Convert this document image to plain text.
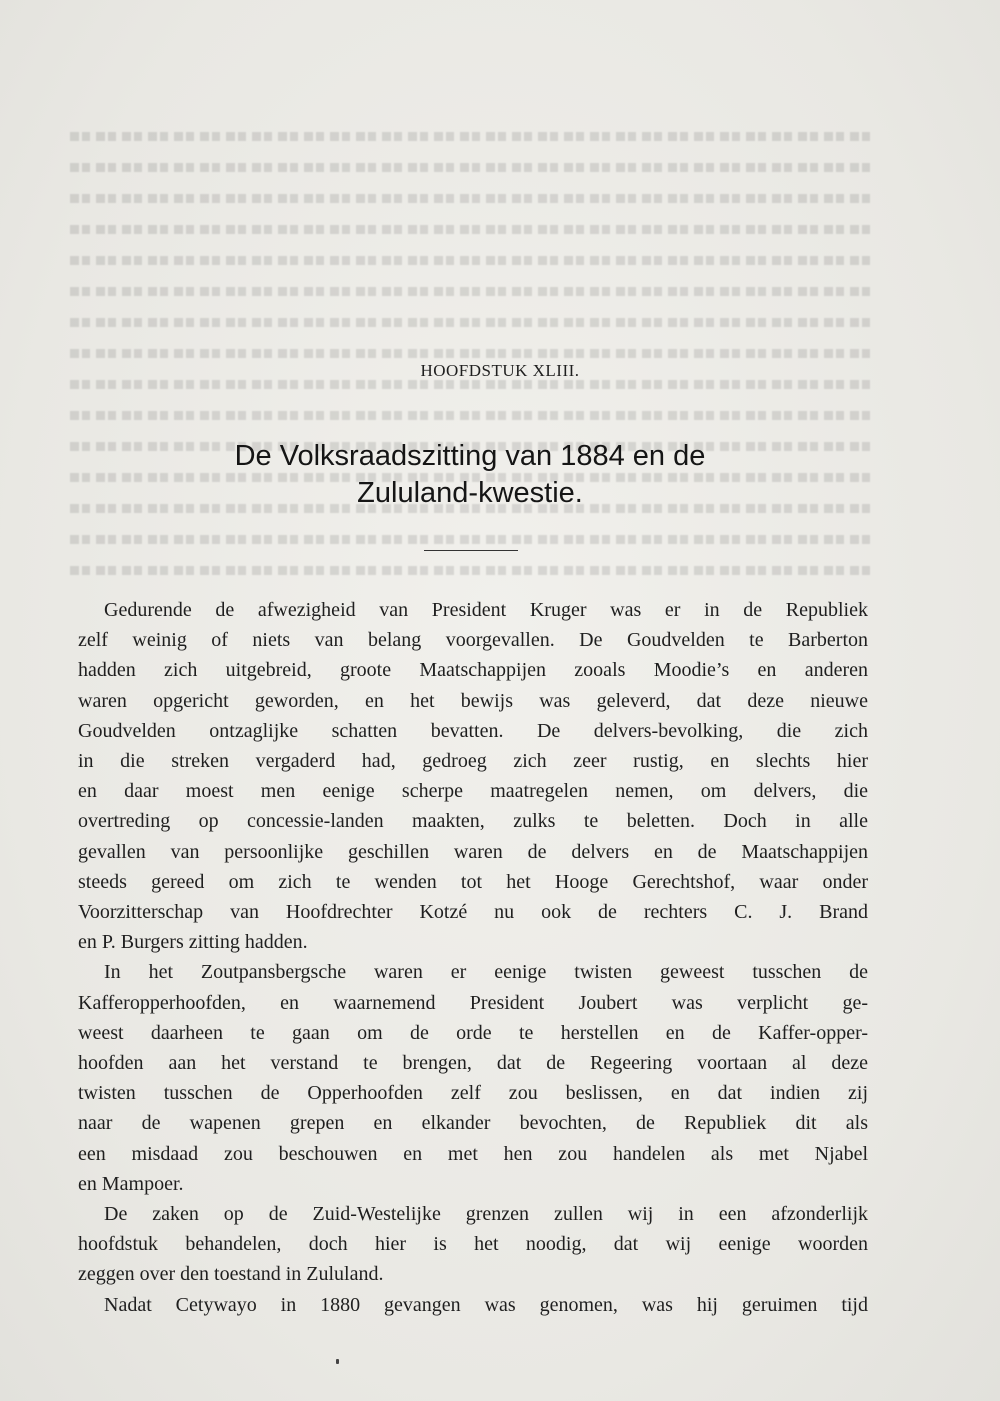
HOOFDSTUK XLIII.
De Volksraadszitting van 1884 en de
Zululand-kwestie.
Gedurende de afwezigheid van President Kruger was er in de Republiek
zelf weinig of niets van belang voorgevallen. De Goudvelden te Barberton
hadden zich uitgebreid, groote Maatschappijen zooals Moodie’s en anderen
waren opgericht geworden, en het bewijs was geleverd, dat deze nieuwe
Goudvelden ontzaglijke schatten bevatten. De delvers-bevolking, die zich
in die streken vergaderd had, gedroeg zich zeer rustig, en slechts hier
en daar moest men eenige scherpe maatregelen nemen, om delvers, die
overtreding op concessie-landen maakten, zulks te beletten. Doch in alle
gevallen van persoonlijke geschillen waren de delvers en de Maatschappijen
steeds gereed om zich te wenden tot het Hooge Gerechtshof, waar onder
Voorzitterschap van Hoofdrechter Kotzé nu ook de rechters C. J. Brand
en P. Burgers zitting hadden.
In het Zoutpansbergsche waren er eenige twisten geweest tusschen de
Kafferopperhoofden, en waarnemend President Joubert was verplicht ge-
weest daarheen te gaan om de orde te herstellen en de Kaffer-opper-
hoofden aan het verstand te brengen, dat de Regeering voortaan al deze
twisten tusschen de Opperhoofden zelf zou beslissen, en dat indien zij
naar de wapenen grepen en elkander bevochten, de Republiek dit als
een misdaad zou beschouwen en met hen zou handelen als met Njabel
en Mampoer.
De zaken op de Zuid-Westelijke grenzen zullen wij in een afzonderlijk
hoofdstuk behandelen, doch hier is het noodig, dat wij eenige woorden
zeggen over den toestand in Zululand.
Nadat Cetywayo in 1880 gevangen was genomen, was hij geruimen tijd
